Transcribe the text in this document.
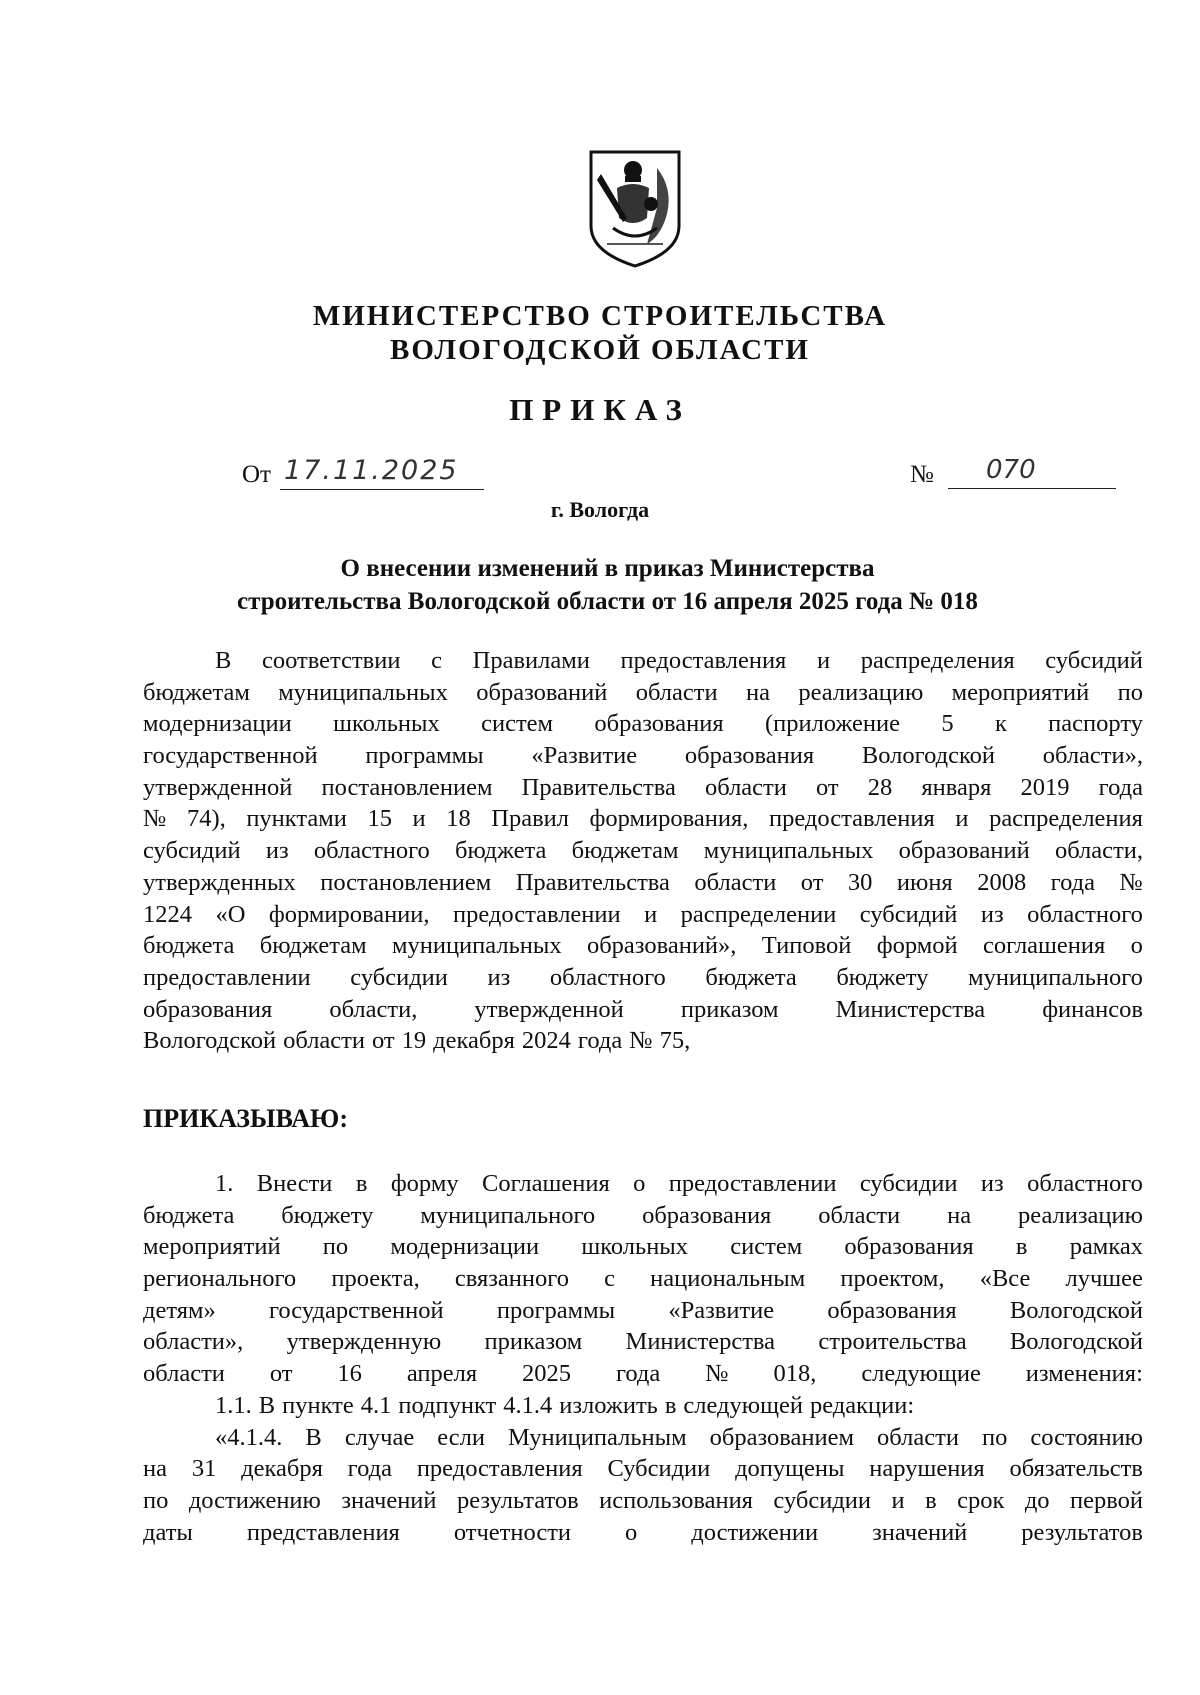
МИНИСТЕРСТВО СТРОИТЕЛЬСТВА
ВОЛОГОДСКОЙ ОБЛАСТИ
ПРИКАЗ
От 17.11.2025	№	070
г. Вологда
О внесении изменений в приказ Министерства
строительства Вологодской области от 16 апреля 2025 года № 018
В соответствии с Правилами предоставления и распределения субсидий
бюджетам муниципальных образований области на реализацию мероприятий по
модернизации школьных систем образования (приложение 5 к паспорту
государственной программы «Развитие образования Вологодской области»,
утвержденной постановлением Правительства области от 28 января 2019 года
№ 74), пунктами 15 и 18 Правил формирования, предоставления и распределения
субсидий из областного бюджета бюджетам муниципальных образований области,
утвержденных постановлением Правительства области от 30 июня 2008 года №
1224 «О формировании, предоставлении и распределении субсидий из областного
бюджета бюджетам муниципальных образований», Типовой формой соглашения о
предоставлении субсидии из областного бюджета бюджету муниципального
образования области, утвержденной приказом Министерства финансов
Вологодской области от 19 декабря 2024 года № 75,
ПРИКАЗЫВАЮ:
1. Внести в форму Соглашения о предоставлении субсидии из областного
бюджета бюджету муниципального образования области на реализацию
мероприятий по модернизации школьных систем образования в рамках
регионального проекта, связанного с национальным проектом, «Все лучшее
детям» государственной программы «Развитие образования Вологодской
области», утвержденную приказом Министерства строительства Вологодской
области от 16 апреля 2025 года № 018, следующие изменения:
1.1. В пункте 4.1 подпункт 4.1.4 изложить в следующей редакции:
«4.1.4. В случае если Муниципальным образованием области по состоянию
на 31 декабря года предоставления Субсидии допущены нарушения обязательств
по достижению значений результатов использования субсидии и в срок до первой
даты представления отчетности о достижении значений результатов
